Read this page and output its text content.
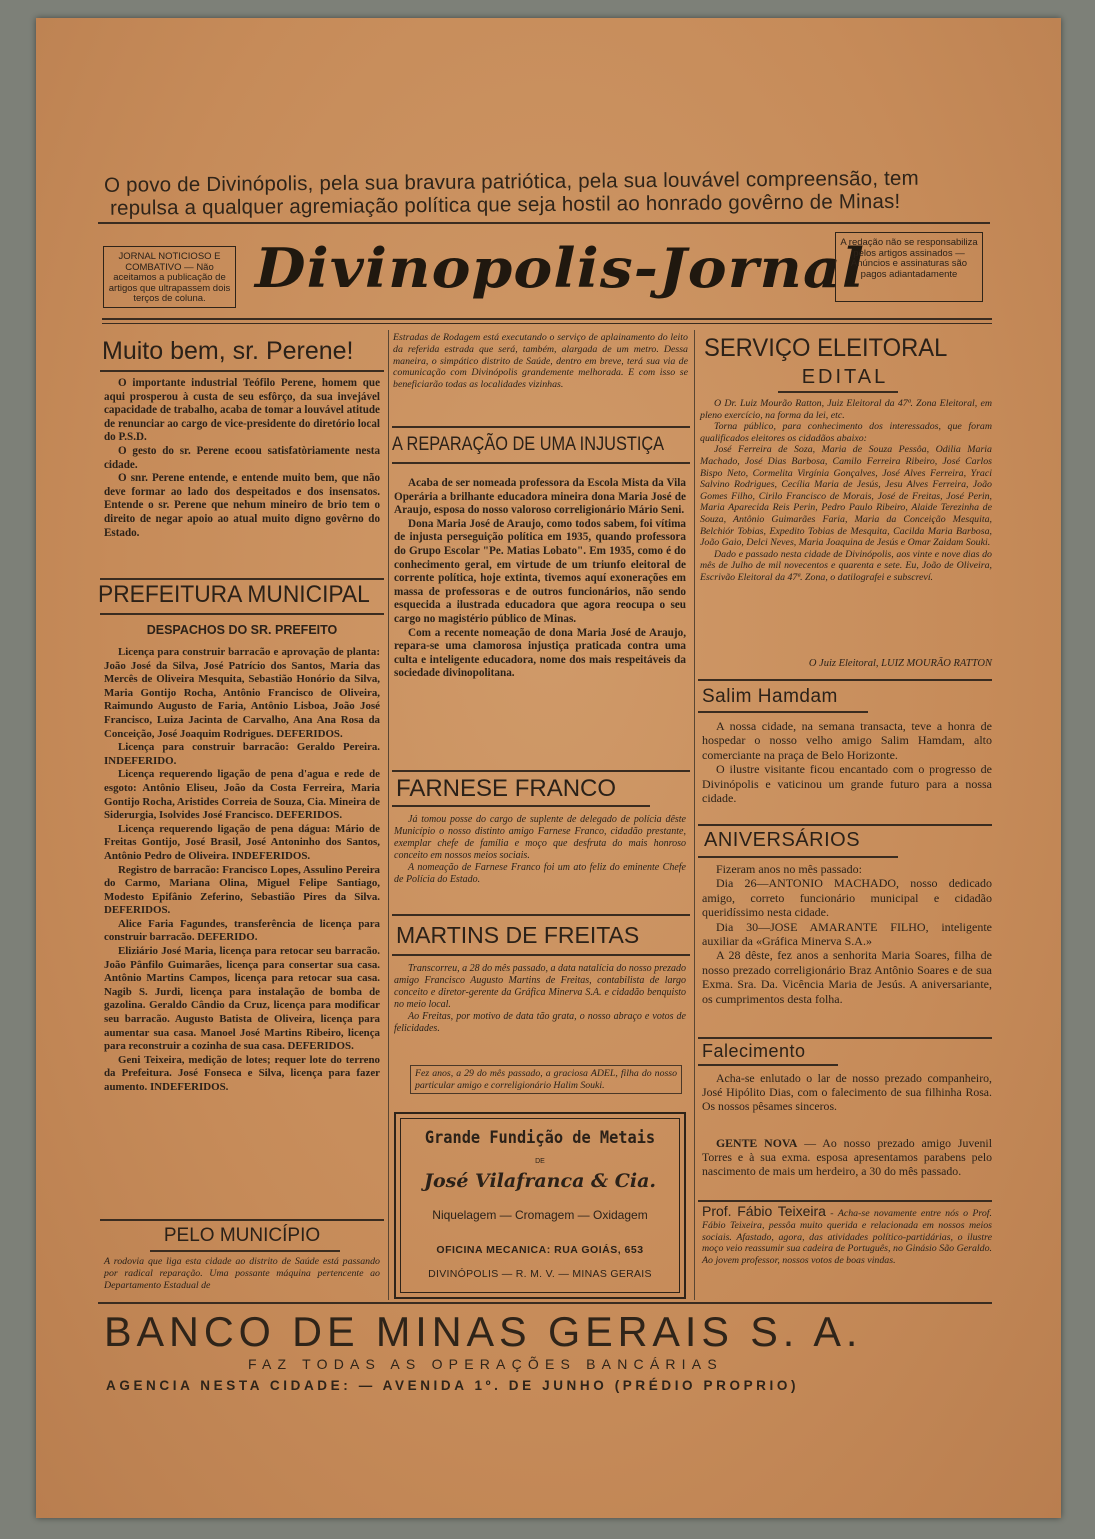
O povo de Divinópolis, pela sua bravura patriótica, pela sua louvável compreensão, tem
repulsa a qualquer agremiação política que seja hostil ao honrado govêrno de Minas!
JORNAL NOTICIOSO E COMBATIVO — Não aceitamos a publicação de artigos que ultrapassem dois terços de coluna. Divinopolis-Jornal
A redação não se responsabiliza pelos artigos assinados — Anúncios e assinaturas são pagos adiantadamente
Muito bem, sr. Perene!

O importante industrial Teófilo Perene, homem que aqui prosperou à custa de seu esfôrço, da sua invejável capacidade de trabalho, acaba de tomar a louvável atitude de renunciar ao cargo de vice-presidente do diretório local do P.S.D.

O gesto do sr. Perene ecoou satisfatòriamente nesta cidade.

O snr. Perene entende, e entende muito bem, que não deve formar ao lado dos despeitados e dos insensatos. Entende o sr. Perene que nehum mineiro de brio tem o direito de negar apoio ao atual muito digno govêrno do Estado.

PREFEITURA MUNICIPAL
DESPACHOS DO SR. PREFEITO

Licença para construir barracão e aprovação de planta: João José da Silva, José Patrício dos Santos, Maria das Mercês de Oliveira Mesquita, Sebastião Honório da Silva, Maria Gontijo Rocha, Antônio Francisco de Oliveira, Raimundo Augusto de Faria, Antônio Lisboa, João José Francisco, Luiza Jacinta de Carvalho, Ana Ana Rosa da Conceição, José Joaquim Rodrigues. DEFERIDOS.

Licença para construir barracão: Geraldo Pereira. INDEFERIDO.

Licença requerendo ligação de pena d'agua e rede de esgoto: Antônio Eliseu, João da Costa Ferreira, Maria Gontijo Rocha, Aristides Correia de Souza, Cia. Mineira de Siderurgia, Isolvides José Francisco. DEFERIDOS.

Licença requerendo ligação de pena dágua: Mário de Freitas Gontijo, José Brasil, José Antoninho dos Santos, Antônio Pedro de Oliveira. INDEFERIDOS.

Registro de barracão: Francisco Lopes, Assulino Pereira do Carmo, Mariana Olina, Miguel Felipe Santiago, Modesto Epifânio Zeferino, Sebastião Pires da Silva. DEFERIDOS.

Alice Faria Fagundes, transferência de licença para construir barracão. DEFERIDO.

Eliziário José Maria, licença para retocar seu barracão. João Pânfilo Guimarães, licença para consertar sua casa. Antônio Martins Campos, licença para retocar sua casa. Nagib S. Jurdi, licença para instalação de bomba de gazolina. Geraldo Cândio da Cruz, licença para modificar seu barracão. Augusto Batista de Oliveira, licença para aumentar sua casa. Manoel José Martins Ribeiro, licença para reconstruir a cozinha de sua casa. DEFERIDOS.

Geni Teixeira, medição de lotes; requer lote do terreno da Prefeitura. José Fonseca e Silva, licença para fazer aumento. INDEFERIDOS.

PELO MUNICÍPIO
A rodovia que liga esta cidade ao distrito de Saúde está passando por radical reparação. Uma possante máquina pertencente ao Departamento Estadual de
Estradas de Rodagem está executando o serviço de aplainamento do leito da referida estrada que será, também, alargada de um metro. Dessa maneira, o simpático distrito de Saúde, dentro em breve, terá sua via de comunicação com Divinópolis grandemente melhorada. E com isso se beneficiarão todas as localidades vizinhas.
A REPARAÇÃO DE UMA INJUSTIÇA

Acaba de ser nomeada professora da Escola Mista da Vila Operária a brilhante educadora mineira dona Maria José de Araujo, esposa do nosso valoroso correligionário Mário Seni.

Dona Maria José de Araujo, como todos sabem, foi vítima de injusta perseguição política em 1935, quando professora do Grupo Escolar "Pe. Matias Lobato". Em 1935, como é do conhecimento geral, em virtude de um triunfo eleitoral de corrente política, hoje extinta, tivemos aquí exonerações em massa de professoras e de outros funcionários, não sendo esquecida a ilustrada educadora que agora reocupa o seu cargo no magistério público de Minas.

Com a recente nomeação de dona Maria José de Araujo, repara-se uma clamorosa injustiça praticada contra uma culta e inteligente educadora, nome dos mais respeitáveis da sociedade divinopolitana.

FARNESE FRANCO

Já tomou posse do cargo de suplente de delegado de polícia dêste Município o nosso distinto amigo Farnese Franco, cidadão prestante, exemplar chefe de família e moço que desfruta do mais honroso conceito em nossos meios sociais.

A nomeação de Farnese Franco foi um ato feliz do eminente Chefe de Polícia do Estado.

MARTINS DE FREITAS

Transcorreu, a 28 do mês passado, a data natalícia do nosso prezado amigo Francisco Augusto Martins de Freitas, contabilista de largo conceito e diretor-gerente da Gráfica Minerva S.A. e cidadão benquisto no meio local.

Ao Freitas, por motivo de data tão grata, o nosso abraço e votos de felicidades.

Fez anos, a 29 do mês passado, a graciosa ADEL, filha do nosso particular amigo e correligionário Halim Souki.
Grande Fundição de Metais
DE
José Vilafranca & Cia.
Niquelagem — Cromagem — Oxidagem
OFICINA MECANICA: RUA GOIÁS, 653
DIVINÓPOLIS — R. M. V. — MINAS GERAIS
SERVIÇO ELEITORAL
EDITAL

O Dr. Luiz Mourão Ratton, Juiz Eleitoral da 47ª. Zona Eleitoral, em pleno exercício, na forma da lei, etc.

Torna público, para conhecimento dos interessados, que foram qualificados eleitores os cidadãos abaixo:

José Ferreira de Soza, Maria de Souza Pessôa, Odilia Maria Machado, José Dias Barbosa, Camilo Ferreira Ribeiro, José Carlos Bispo Neto, Cormelita Virgínia Gonçalves, José Alves Ferreira, Yraci Salvino Rodrigues, Cecília Maria de Jesús, Jesu Alves Ferreira, João Gomes Filho, Cirilo Francisco de Morais, José de Freitas, José Perin, Maria Aparecida Reis Perin, Pedro Paulo Ribeiro, Alaide Terezinha de Souza, Antônio Guimarães Faria, Maria da Conceição Mesquita, Belchiór Tobias, Expedito Tobias de Mesquita, Cacilda Maria Barbosa, João Gaio, Delci Neves, Maria Joaquina de Jesús e Omar Zaidam Souki.

Dado e passado nesta cidade de Divinópolis, aos vinte e nove dias do mês de Julho de mil novecentos e quarenta e sete. Eu, João de Oliveira, Escrivão Eleitoral da 47ª. Zona, o datilografei e subscreví.

O Juiz Eleitoral, LUIZ MOURÃO RATTON
Salim Hamdam

A nossa cidade, na semana transacta, teve a honra de hospedar o nosso velho amigo Salim Hamdam, alto comerciante na praça de Belo Horizonte.

O ilustre visitante ficou encantado com o progresso de Divinópolis e vaticinou um grande futuro para a nossa cidade.

ANIVERSÁRIOS

Fizeram anos no mês passado:

Dia 26—ANTONIO MACHADO, nosso dedicado amigo, correto funcionário municipal e cidadão queridíssimo nesta cidade.

Dia 30—JOSE AMARANTE FILHO, inteligente auxiliar da «Gráfica Minerva S.A.»

A 28 dêste, fez anos a senhorita Maria Soares, filha de nosso prezado correligionário Braz Antônio Soares e de sua Exma. Sra. Da. Vicência Maria de Jesús. A aniversariante, os cumprimentos desta folha.

Falecimento
Acha-se enlutado o lar de nosso prezado companheiro, José Hipólito Dias, com o falecimento de sua filhinha Rosa. Os nossos pêsames sinceros.

GENTE NOVA — Ao nosso prezado amigo Juvenil Torres e à sua exma. esposa apresentamos parabens pelo nascimento de mais um herdeiro, a 30 do mês passado.

Prof. Fábio Teixeira - Acha-se novamente entre nós o Prof. Fábio Teixeira, pessôa muito querida e relacionada em nossos meios sociais. Afastado, agora, das atividades político-partidárias, o ilustre moço veio reassumir sua cadeira de Português, no Ginásio São Geraldo. Ao jovem professor, nossos votos de boas vindas.
BANCO DE MINAS GERAIS S. A.
FAZ TODAS AS OPERAÇÕES BANCÁRIAS
AGENCIA NESTA CIDADE: — AVENIDA 1º. DE JUNHO (PRÉDIO PROPRIO)
